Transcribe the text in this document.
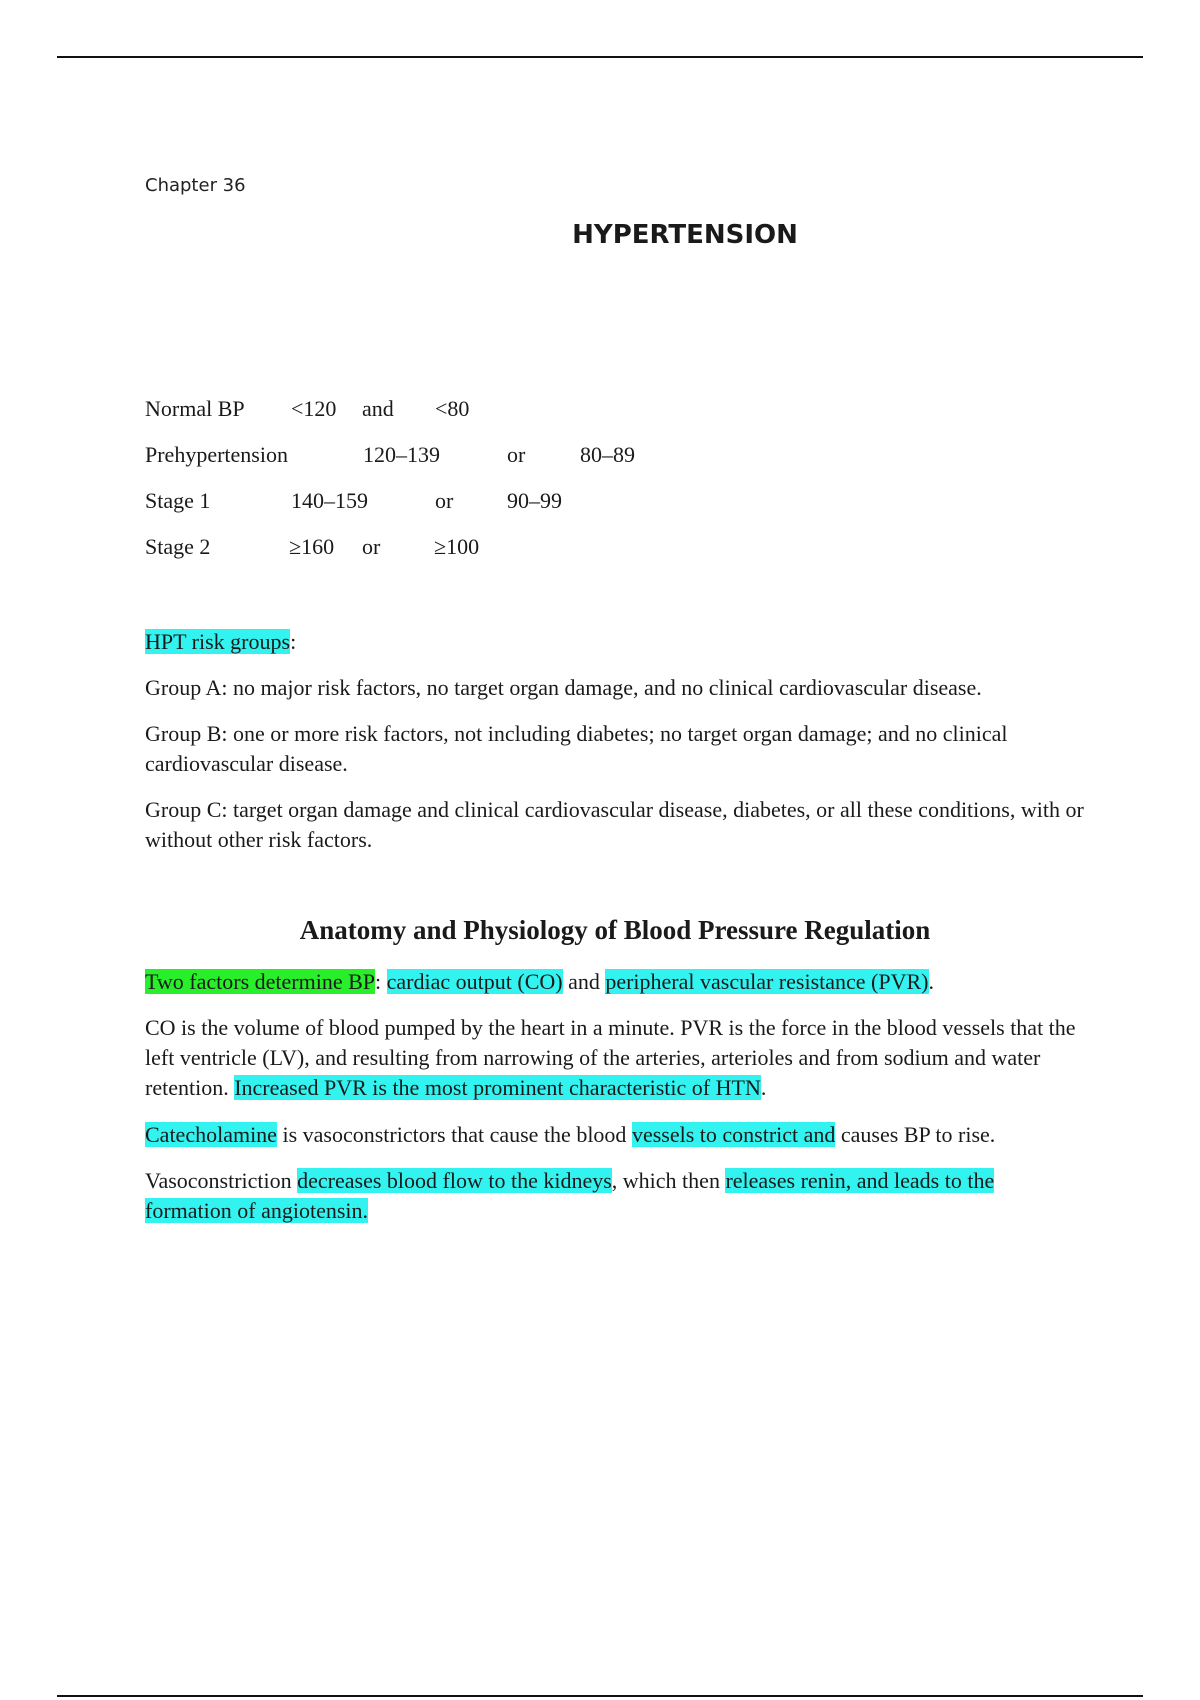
Chapter 36
HYPERTENSION
Normal BP <120 and <80
Prehypertension	120–139	or 80–89
Stage 1	140–159	or 90–99
Stage 2	≥160 or ≥100

HPT risk groups:

Group A: no major risk factors, no target organ damage, and no clinical cardiovascular disease.

Group B: one or more risk factors, not including diabetes; no target organ damage; and no clinical cardiovascular disease.

Group C: target organ damage and clinical cardiovascular disease, diabetes, or all these conditions, with or without other risk factors.

Anatomy and Physiology of Blood Pressure Regulation

Two factors determine BP: cardiac output (CO) and peripheral vascular resistance (PVR).

CO is the volume of blood pumped by the heart in a minute. PVR is the force in the blood vessels that the left ventricle (LV), and resulting from narrowing of the arteries, arterioles and from sodium and water retention. Increased PVR is the most prominent characteristic of HTN.

Catecholamine is vasoconstrictors that cause the blood vessels to constrict and causes BP to rise.

Vasoconstriction decreases blood flow to the kidneys, which then releases renin, and leads to the formation of angiotensin.
